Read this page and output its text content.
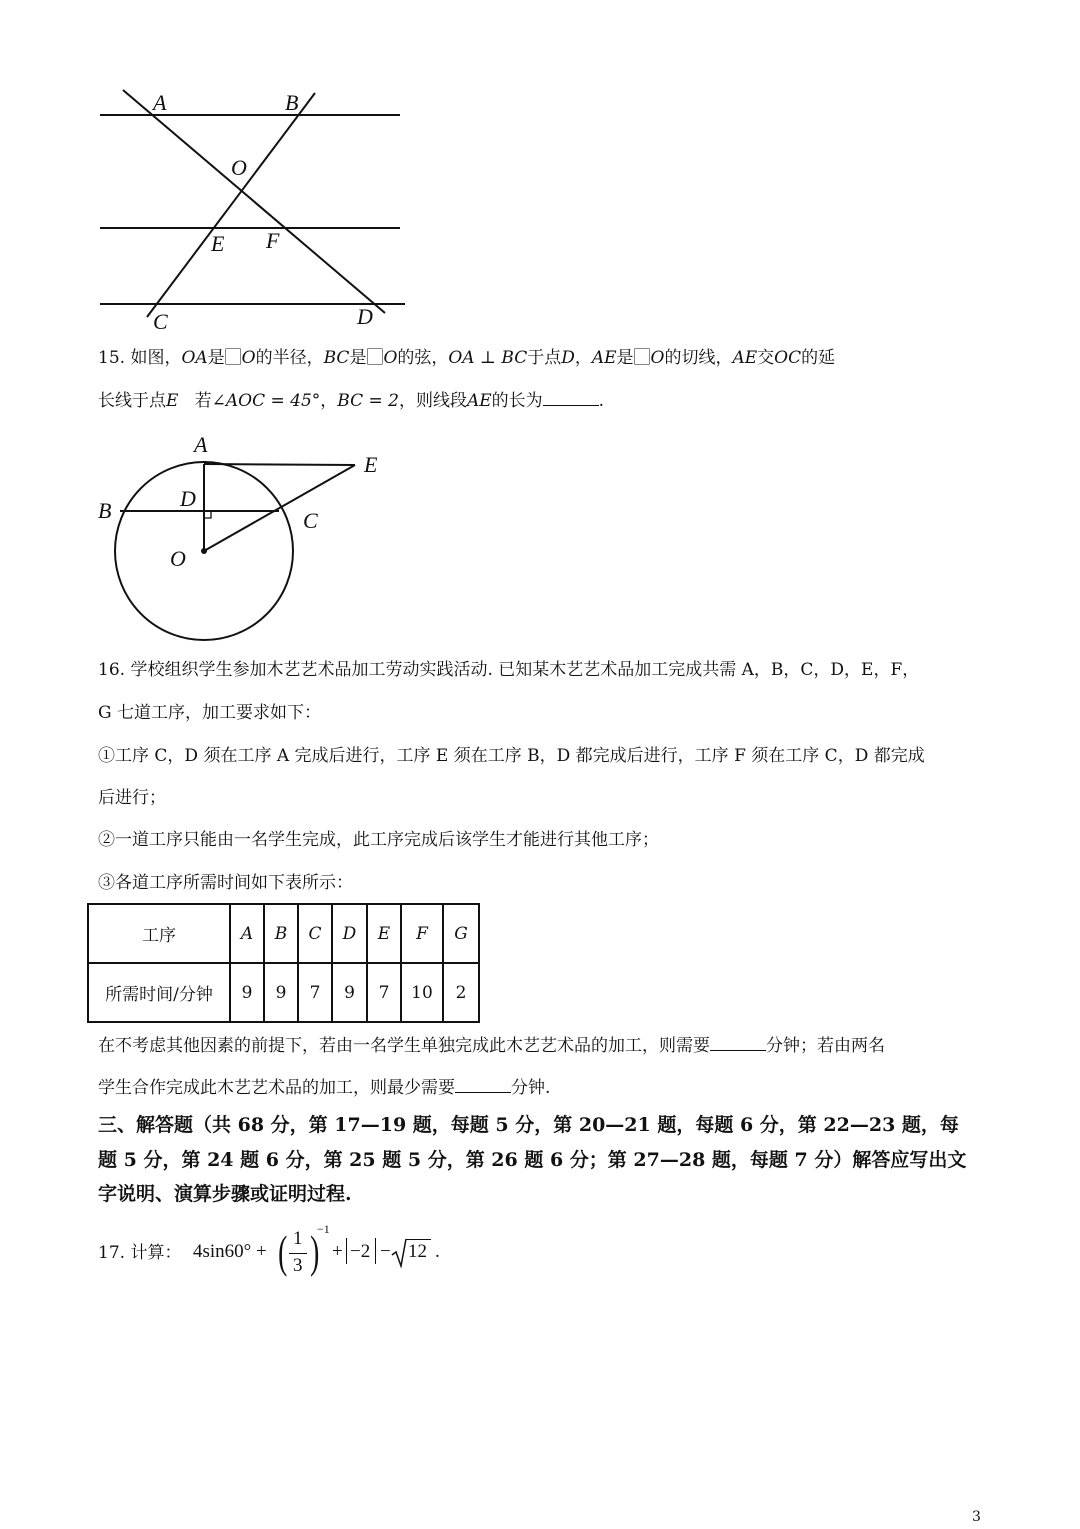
A	B
O
E F
C	D
15. 如图，OA是O的半径，BC是O的弦，OA ⊥ BC于点D，AE是O的切线，AE交OC的延
长线于点E 若∠AOC = 45°，BC = 2，则线段AE的长为	.
A
E
B	D
C
O
16. 学校组织学生参加木艺艺术品加工劳动实践活动. 已知某木艺艺术品加工完成共需 A，B，C，D，E，F，
G 七道工序，加工要求如下：
①工序 C，D 须在工序 A 完成后进行，工序 E 须在工序 B，D 都完成后进行，工序 F 须在工序 C，D 都完成
后进行；
②一道工序只能由一名学生完成，此工序完成后该学生才能进行其他工序；
③各道工序所需时间如下表所示：
工序	A	B	C	D	E	F	G
所需时间/分钟	9	9	7	9	7	10	2
在不考虑其他因素的前提下，若由一名学生单独完成此木艺艺术品的加工，则需要	分钟；若由两名
学生合作完成此木艺艺术品的加工，则最少需要	分钟.
三、解答题（共 68 分，第 17—19 题，每题 5 分，第 20—21 题，每题 6 分，第 22—23 题，每
题 5 分，第 24 题 6 分，第 25 题 5 分，第 26 题 6 分；第 27—28 题，每题 7 分）解答应写出文
字说明、演算步骤或证明过程.
17. 计算： 4sin60° + ( 1
3 )
−1
+ −2 − 12 .
3
